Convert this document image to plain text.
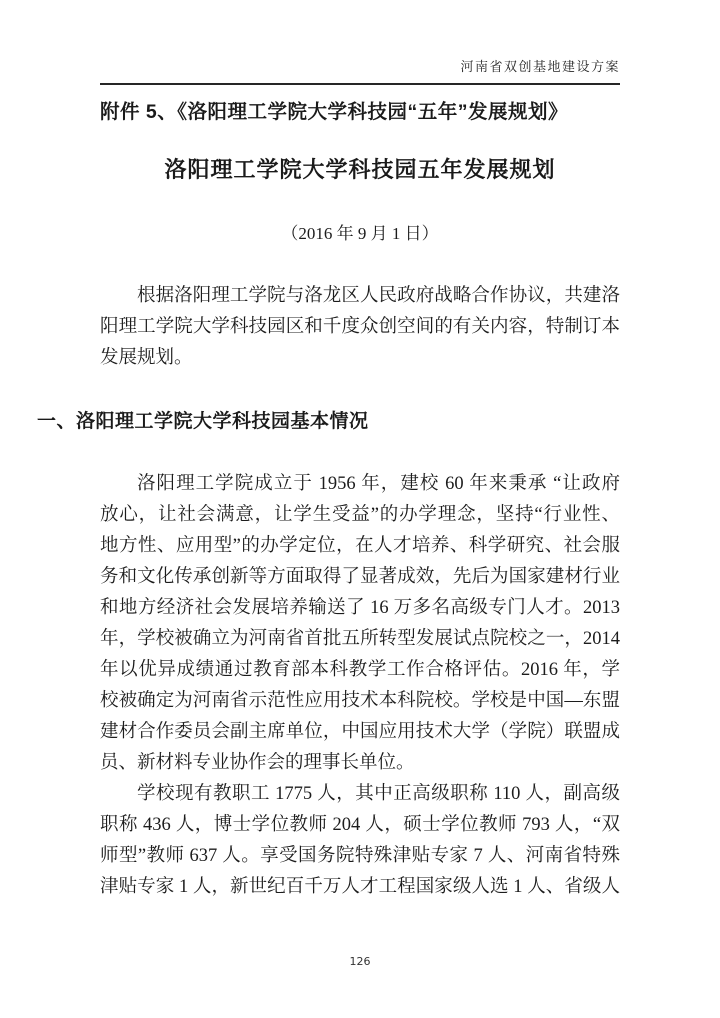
河南省双创基地建设方案
附件 5、《洛阳理工学院大学科技园“五年”发展规划》
洛阳理工学院大学科技园五年发展规划
（2016 年 9 月 1 日）
根据洛阳理工学院与洛龙区人民政府战略合作协议，共建洛
阳理工学院大学科技园区和千度众创空间的有关内容，特制订本
发展规划。
一、洛阳理工学院大学科技园基本情况
洛阳理工学院成立于 1956 年，建校 60 年来秉承 “让政府
放心，让社会满意，让学生受益”的办学理念，坚持“行业性、
地方性、应用型”的办学定位，在人才培养、科学研究、社会服
务和文化传承创新等方面取得了显著成效，先后为国家建材行业
和地方经济社会发展培养输送了 16 万多名高级专门人才。2013
年，学校被确立为河南省首批五所转型发展试点院校之一，2014
年以优异成绩通过教育部本科教学工作合格评估。2016 年，学
校被确定为河南省示范性应用技术本科院校。学校是中国—东盟
建材合作委员会副主席单位，中国应用技术大学（学院）联盟成
员、新材料专业协作会的理事长单位。
学校现有教职工 1775 人，其中正高级职称 110 人，副高级
职称 436 人，博士学位教师 204 人，硕士学位教师 793 人，“双
师型”教师 637 人。享受国务院特殊津贴专家 7 人、河南省特殊
津贴专家 1 人，新世纪百千万人才工程国家级人选 1 人、省级人
126
